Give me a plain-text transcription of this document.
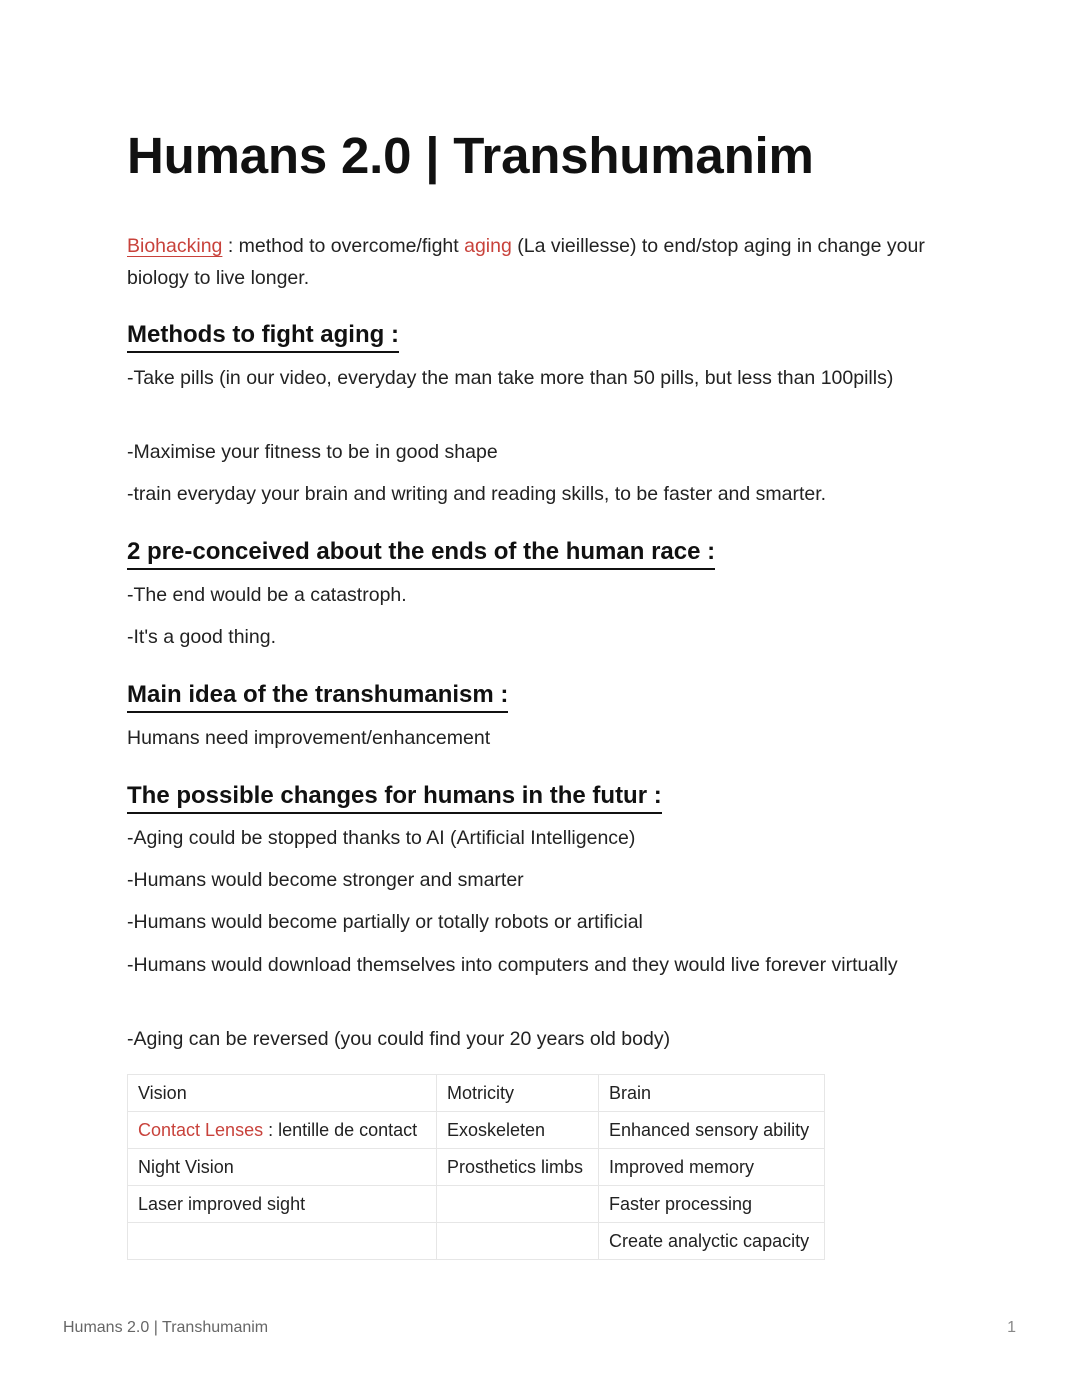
Humans 2.0 | Transhumanim

Biohacking : method to overcome/fight aging (La vieillesse) to end/stop aging in change your biology to live longer.

Methods to fight aging :

-Take pills (in our video, everyday the man take more than 50 pills, but less than 100pills)

-Maximise your fitness to be in good shape

-train everyday your brain and writing and reading skills, to be faster and smarter.

2 pre-conceived about the ends of the human race :

-The end would be a catastroph.

-It's a good thing.

Main idea of the transhumanism :

Humans need improvement/enhancement

The possible changes for humans in the futur :

-Aging could be stopped thanks to AI (Artificial Intelligence)

-Humans would become stronger and smarter

-Humans would become partially or totally robots or artificial

-Humans would download themselves into computers and they would live forever virtually

-Aging can be reversed (you could find your 20 years old body)

Vision	Motricity	Brain
Contact Lenses : lentille de contact	Exoskeleten	Enhanced sensory ability
Night Vision	Prosthetics limbs	Improved memory
Laser improved sight		Faster processing
		Create analyctic capacity
Humans 2.0 | Transhumanim	1
